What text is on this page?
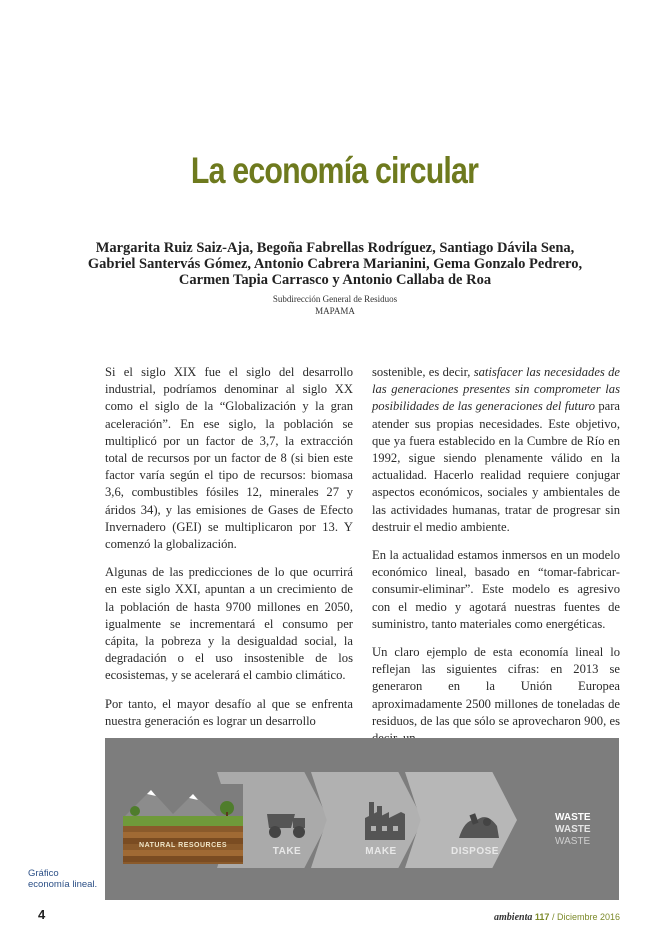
La economía circular
Margarita Ruiz Saiz-Aja, Begoña Fabrellas Rodríguez, Santiago Dávila Sena,
Gabriel Santervás Gómez, Antonio Cabrera Marianini, Gema Gonzalo Pedrero,
Carmen Tapia Carrasco y Antonio Callaba de Roa
Subdirección General de Residuos
MAPAMA

Si el siglo XIX fue el siglo del desarrollo industrial, podríamos denominar al siglo XX como el siglo de la “Globalización y la gran aceleración”. En ese siglo, la población se multiplicó por un factor de 3,7, la extracción total de recursos por un factor de 8 (si bien este factor varía según el tipo de recursos: biomasa 3,6, combustibles fósiles 12, minerales 27 y áridos 34), y las emisiones de Gases de Efecto Invernadero (GEI) se multiplicaron por 13. Y comenzó la globalización.

Algunas de las predicciones de lo que ocurrirá en este siglo XXI, apuntan a un crecimiento de la población de hasta 9700 millones en 2050, igualmente se incrementará el consumo per cápita, la pobreza y la desigualdad social, la degradación o el uso insostenible de los ecosistemas, y se acelerará el cambio climático.

Por tanto, el mayor desafío al que se enfrenta nuestra generación es lograr un desarrollo

sostenible, es decir, satisfacer las necesidades de las generaciones presentes sin comprometer las posibilidades de las generaciones del futuro para atender sus propias necesidades. Este objetivo, que ya fuera establecido en la Cumbre de Río en 1992, sigue siendo plenamente válido en la actualidad. Hacerlo realidad requiere conjugar aspectos económicos, sociales y ambientales de las actividades humanas, tratar de progresar sin destruir el medio ambiente.

En la actualidad estamos inmersos en un modelo económico lineal, basado en “tomar-fabricar-consumir-eliminar”. Este modelo es agresivo con el medio y agotará nuestras fuentes de suministro, tanto materiales como energéticas.

Un claro ejemplo de esta economía lineal lo reflejan las siguientes cifras: en 2013 se generaron en la Unión Europea aproximadamente 2500 millones de toneladas de residuos, de las que sólo se aprovecharon 900, es

NATURAL RESOURCES
TAKE	MAKE	DISPOSE
WASTE
WASTE
WASTE
Gráfico economía lineal.
4	ambienta 117 / Diciembre 2016
